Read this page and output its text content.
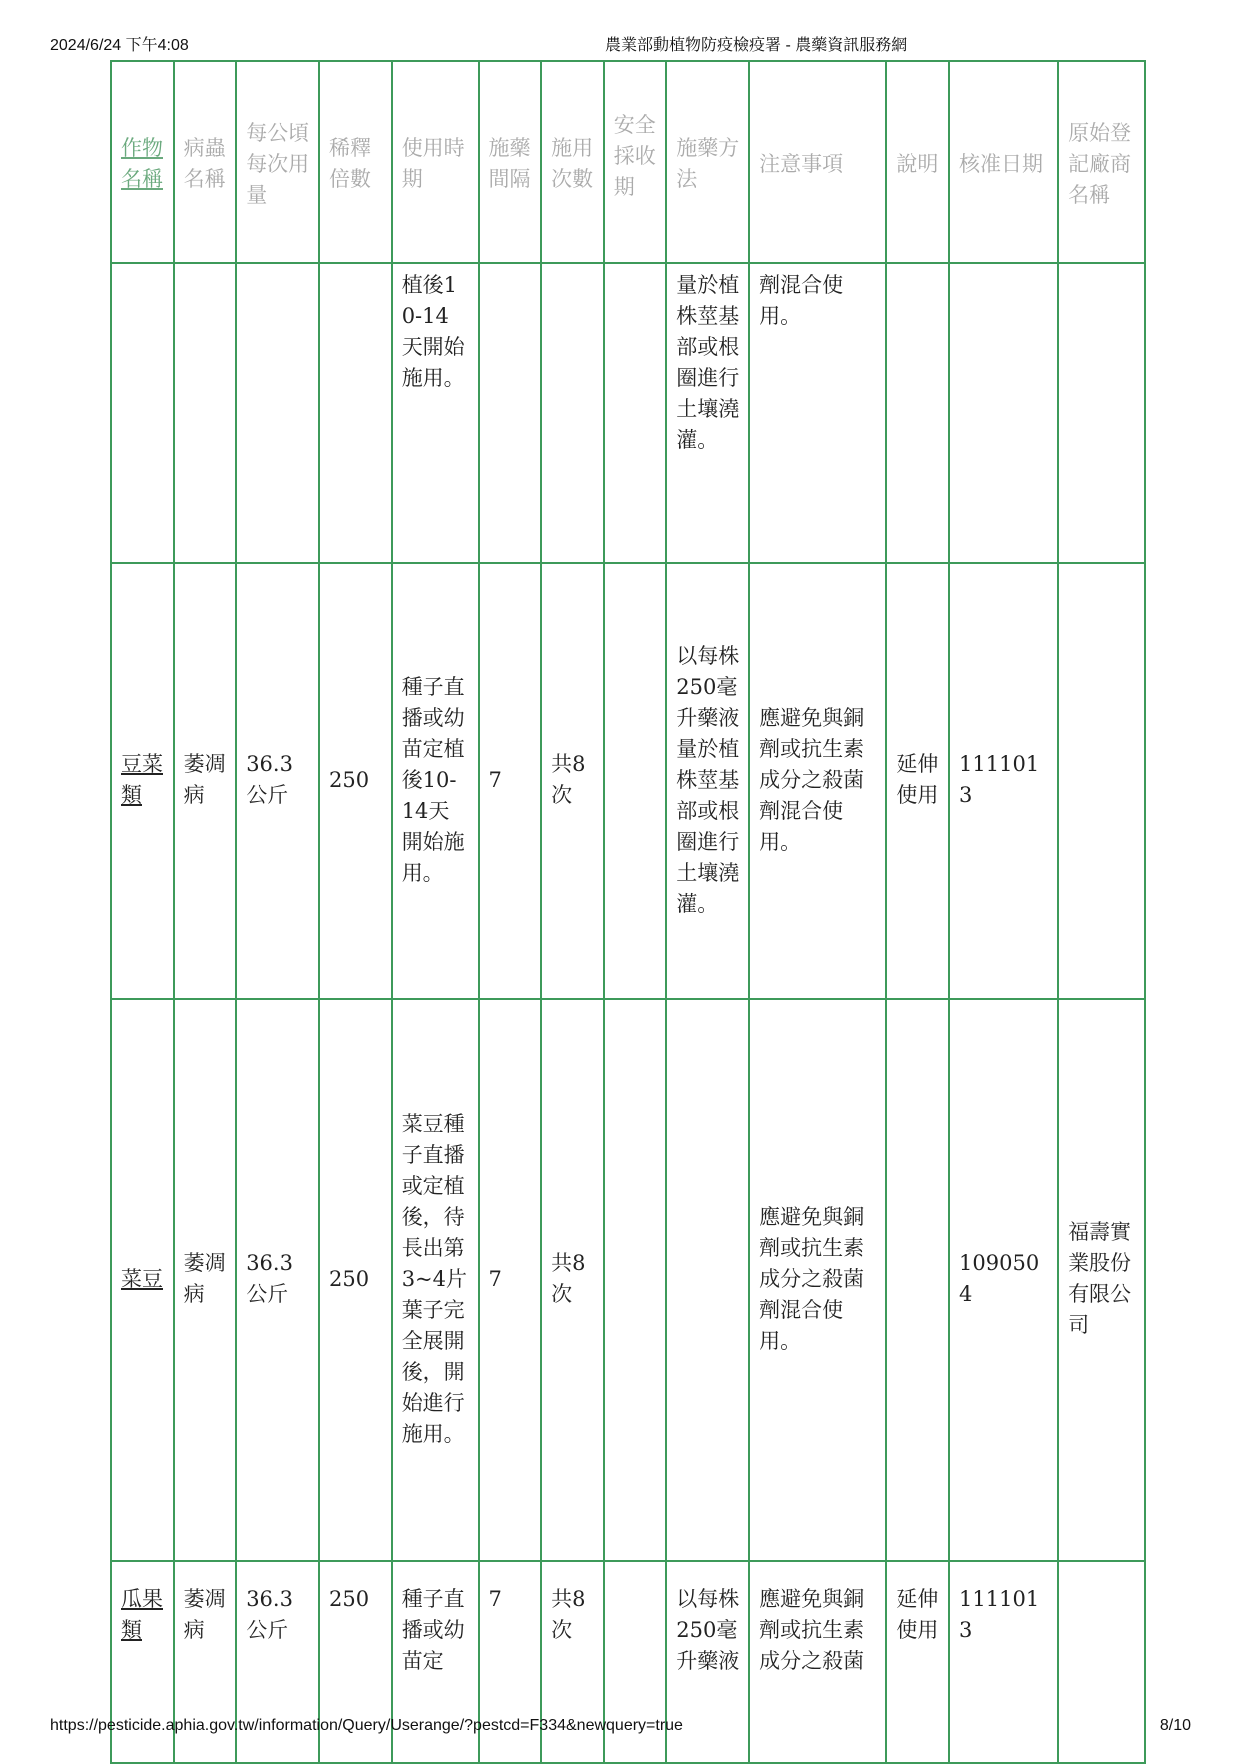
2024/6/24 下午4:08	農業部動植物防疫檢疫署 - 農藥資訊服務網
作物名稱	病蟲名稱	每公頃每次用量	稀釋倍數	使用時期	施藥間隔	施用次數	安全採收期	施藥方法	注意事項	說明	核准日期	原始登記廠商名稱
				植後10-14天開始施用。				量於植株莖基部或根圈進行土壤澆灌。	劑混合使用。			
豆菜類	萎凋病	36.3公斤	250	種子直播或幼苗定植後10-14天開始施用。	7	共8次		以每株250毫升藥液量於植株莖基部或根圈進行土壤澆灌。	應避免與銅劑或抗生素成分之殺菌劑混合使用。	延伸使用	1111013	
菜豆	萎凋病	36.3公斤	250	菜豆種子直播或定植後，待長出第3~4片葉子完全展開後，開始進行施用。	7	共8次			應避免與銅劑或抗生素成分之殺菌劑混合使用。		1090504	福壽實業股份有限公司
瓜果類	萎凋病	36.3公斤	250	種子直播或幼苗定	7	共8次		以每株250毫升藥液	應避免與銅劑或抗生素成分之殺菌	延伸使用	1111013	
https://pesticide.aphia.gov.tw/information/Query/Userange/?pestcd=F334&newquery=true	8/10
